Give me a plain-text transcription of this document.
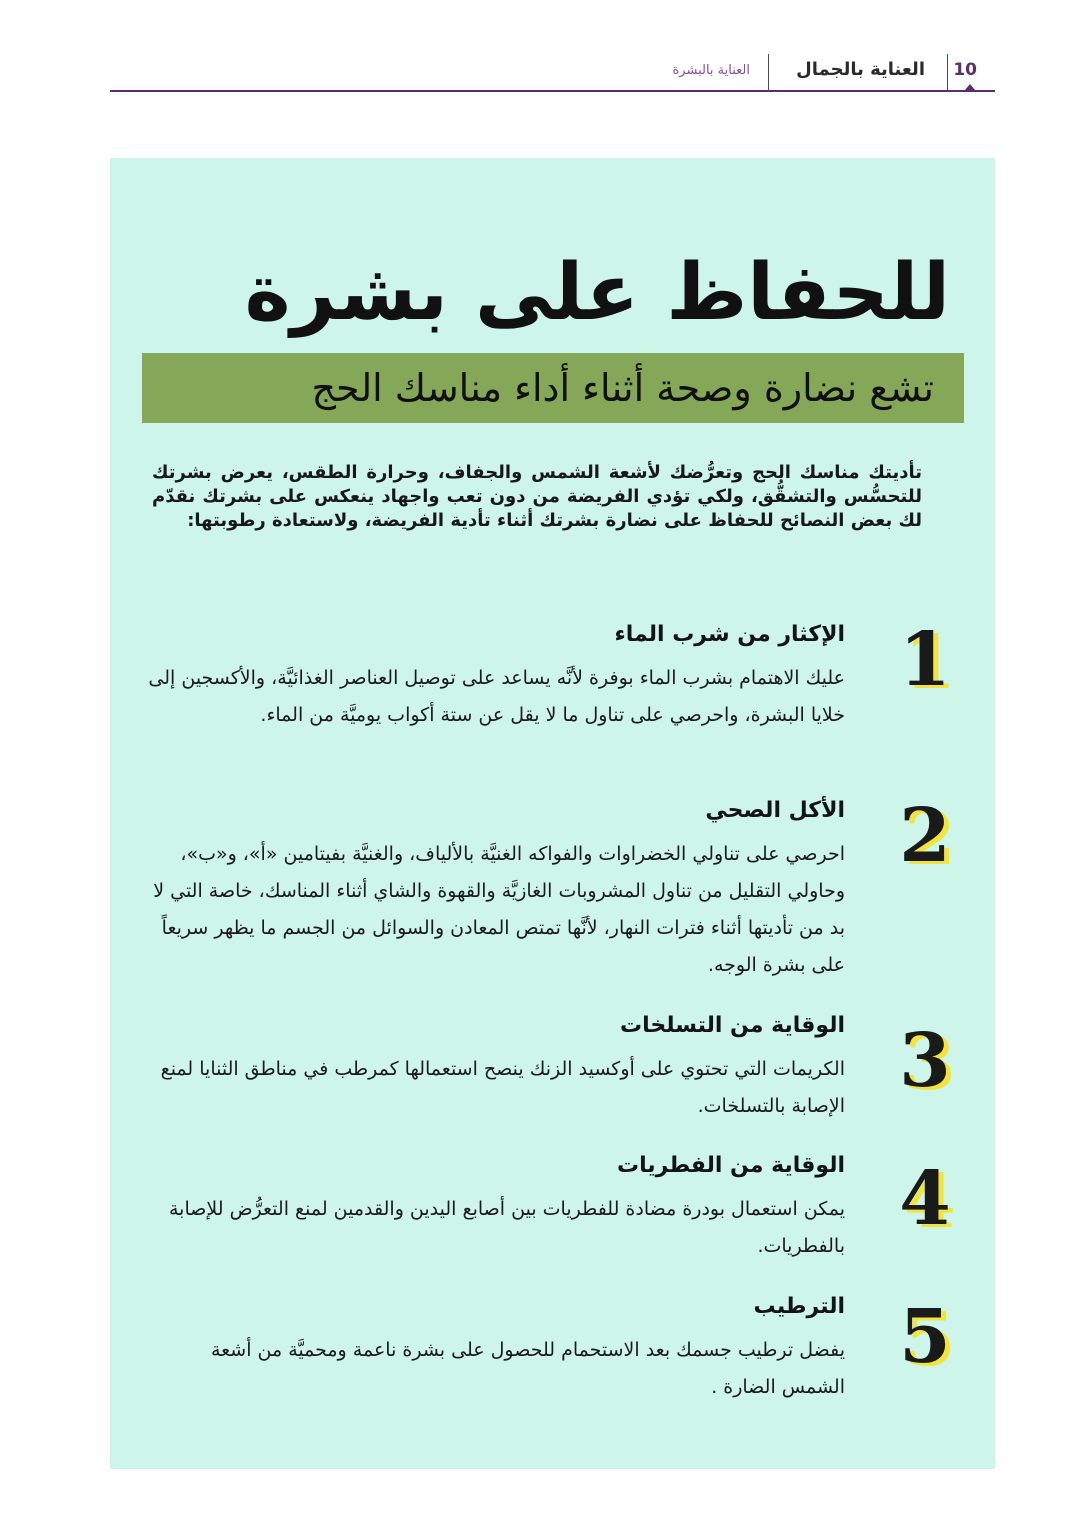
10
العناية بالجمال
العناية بالبشرة
للحفاظ على بشرة
تشع نضارة وصحة أثناء أداء مناسك الحج

تأديتك مناسك الحج وتعرُّضك لأشعة الشمس والجفاف، وحرارة الطقس، يعرض بشرتك للتحسُّس والتشقُّق، ولكي تؤدي الفريضة من دون تعب واجهاد ينعكس على بشرتك نقدّم لك بعض النصائح للحفاظ على نضارة بشرتك أثناء تأدية الفريضة، ولاستعادة رطوبتها:

1
الإكثار من شرب الماء

عليك الاهتمام بشرب الماء بوفرة لأنَّه يساعد على توصيل العناصر الغذائيَّة، والأكسجين إلى خلايا البشرة، واحرصي على تناول ما لا يقل عن ستة أكواب يوميَّة من الماء.

2
الأكل الصحي

احرصي على تناولي الخضراوات والفواكه الغنيَّة بالألياف، والغنيَّة بفيتامين «أ»، و«ب»، وحاولي التقليل من تناول المشروبات الغازيَّة والقهوة والشاي أثناء المناسك، خاصة التي لا بد من تأديتها أثناء فترات النهار، لأنَّها تمتص المعادن والسوائل من الجسم ما يظهر سريعاً على بشرة الوجه.

3
الوقاية من التسلخات

الكريمات التي تحتوي على أوكسيد الزنك ينصح استعمالها كمرطب في مناطق الثنايا لمنع الإصابة بالتسلخات.

4
الوقاية من الفطريات

يمكن استعمال بودرة مضادة للفطريات بين أصابع اليدين والقدمين لمنع التعرُّض للإصابة بالفطريات.

5
الترطيب

يفضل ترطيب جسمك بعد الاستحمام للحصول على بشرة ناعمة ومحميَّة من أشعة الشمس الضارة .
